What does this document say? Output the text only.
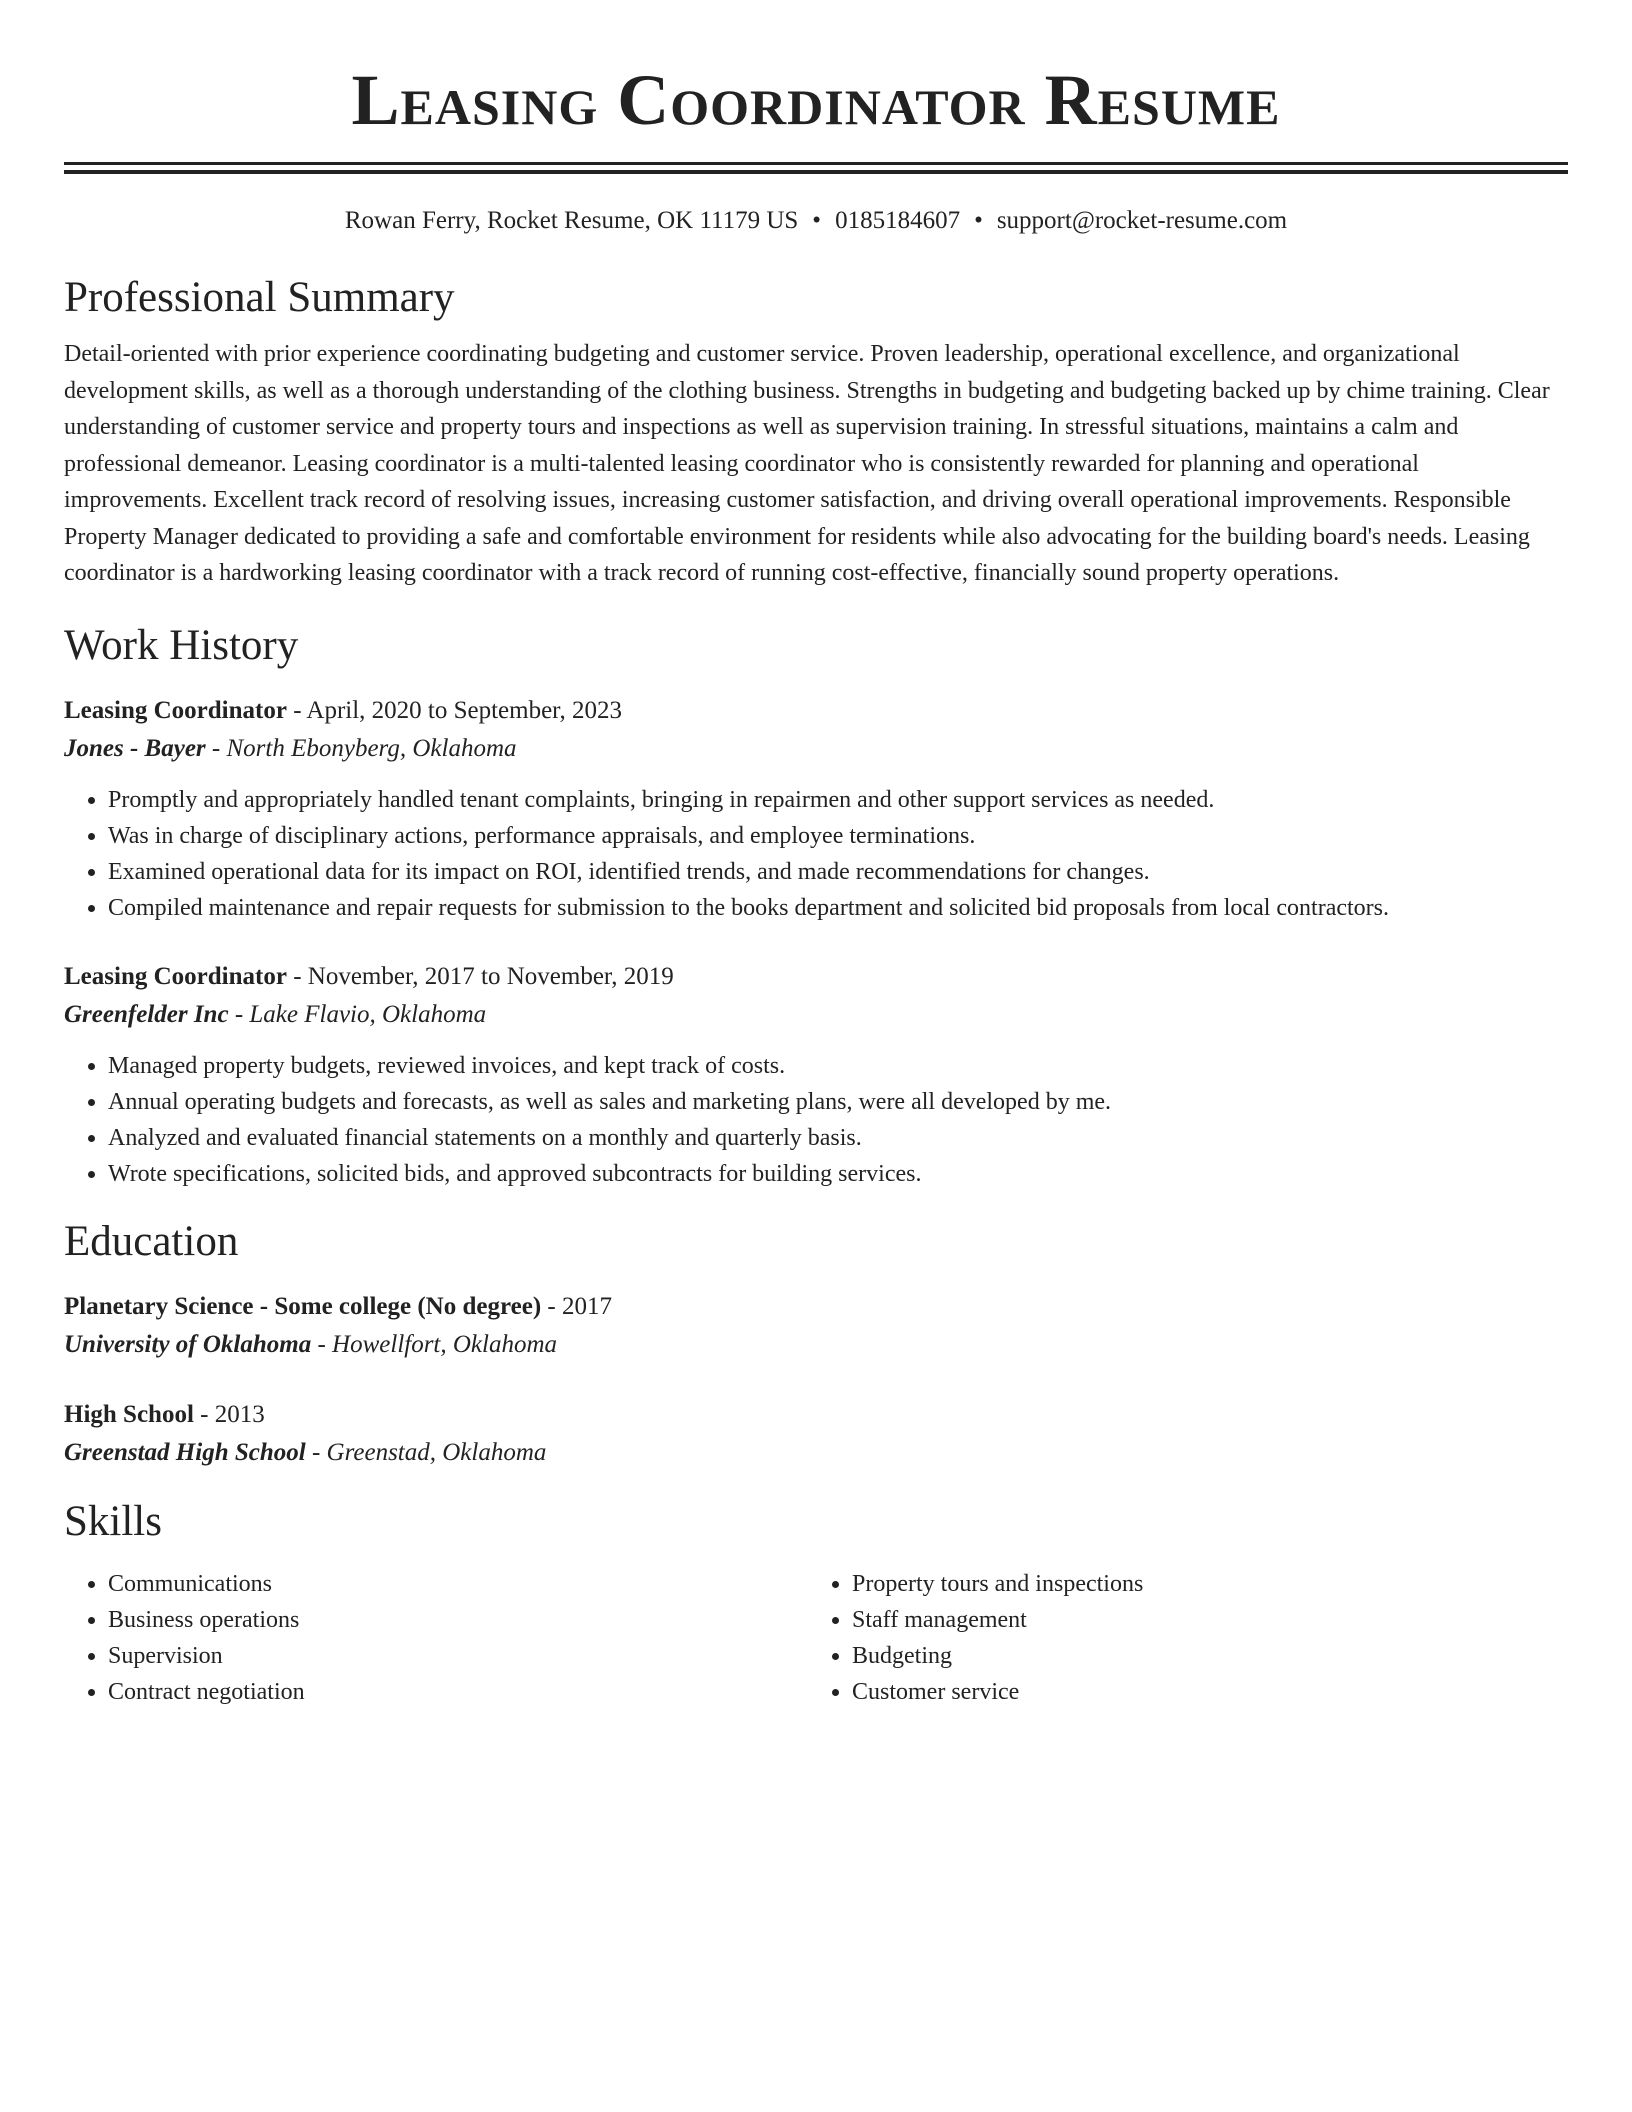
Leasing Coordinator Resume
Rowan Ferry, Rocket Resume, OK 11179 US • 0185184607 • support@rocket-resume.com
Professional Summary
Detail-oriented with prior experience coordinating budgeting and customer service. Proven leadership, operational excellence, and organizational development skills, as well as a thorough understanding of the clothing business. Strengths in budgeting and budgeting backed up by chime training. Clear understanding of customer service and property tours and inspections as well as supervision training. In stressful situations, maintains a calm and professional demeanor. Leasing coordinator is a multi-talented leasing coordinator who is consistently rewarded for planning and operational improvements. Excellent track record of resolving issues, increasing customer satisfaction, and driving overall operational improvements. Responsible Property Manager dedicated to providing a safe and comfortable environment for residents while also advocating for the building board's needs. Leasing coordinator is a hardworking leasing coordinator with a track record of running cost-effective, financially sound property operations.
Work History
Leasing Coordinator - April, 2020 to September, 2023
Jones - Bayer - North Ebonyberg, Oklahoma
• Promptly and appropriately handled tenant complaints, bringing in repairmen and other support services as needed.
• Was in charge of disciplinary actions, performance appraisals, and employee terminations.
• Examined operational data for its impact on ROI, identified trends, and made recommendations for changes.
• Compiled maintenance and repair requests for submission to the books department and solicited bid proposals from local contractors.
Leasing Coordinator - November, 2017 to November, 2019
Greenfelder Inc - Lake Flavio, Oklahoma
• Managed property budgets, reviewed invoices, and kept track of costs.
• Annual operating budgets and forecasts, as well as sales and marketing plans, were all developed by me.
• Analyzed and evaluated financial statements on a monthly and quarterly basis.
• Wrote specifications, solicited bids, and approved subcontracts for building services.
Education
Planetary Science - Some college (No degree) - 2017
University of Oklahoma - Howellfort, Oklahoma
High School - 2013
Greenstad High School - Greenstad, Oklahoma
Skills
• Communications
• Business operations
• Supervision
• Contract negotiation
• Property tours and inspections
• Staff management
• Budgeting
• Customer service
